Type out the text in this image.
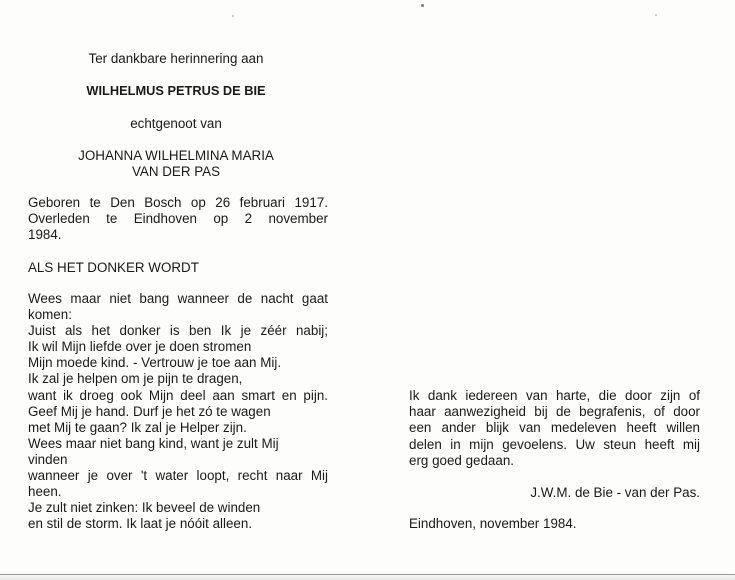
Ter dankbare herinnering aan
WILHELMUS PETRUS DE BIE
echtgenoot van
JOHANNA WILHELMINA MARIA
VAN DER PAS
Geboren te Den Bosch op 26 februari 1917.
Overleden te Eindhoven op 2 november
1984.
ALS HET DONKER WORDT
Wees maar niet bang wanneer de nacht gaat
komen:
Juist als het donker is ben Ik je zéér nabij;
Ik wil Mijn liefde over je doen stromen
Mijn moede kind. - Vertrouw je toe aan Mij.
Ik zal je helpen om je pijn te dragen,
want ik droeg ook Mijn deel aan smart en pijn.
Geef Mij je hand. Durf je het zó te wagen
met Mij te gaan? Ik zal je Helper zijn.
Wees maar niet bang kind, want je zult Mij
vinden
wanneer je over 't water loopt, recht naar Mij
heen.
Je zult niet zinken: Ik beveel de winden
en stil de storm. Ik laat je nóóit alleen.
Ik dank iedereen van harte, die door zijn of
haar aanwezigheid bij de begrafenis, of door
een ander blijk van medeleven heeft willen
delen in mijn gevoelens. Uw steun heeft mij
erg goed gedaan.
J.W.M. de Bie - van der Pas.
Eindhoven, november 1984.
